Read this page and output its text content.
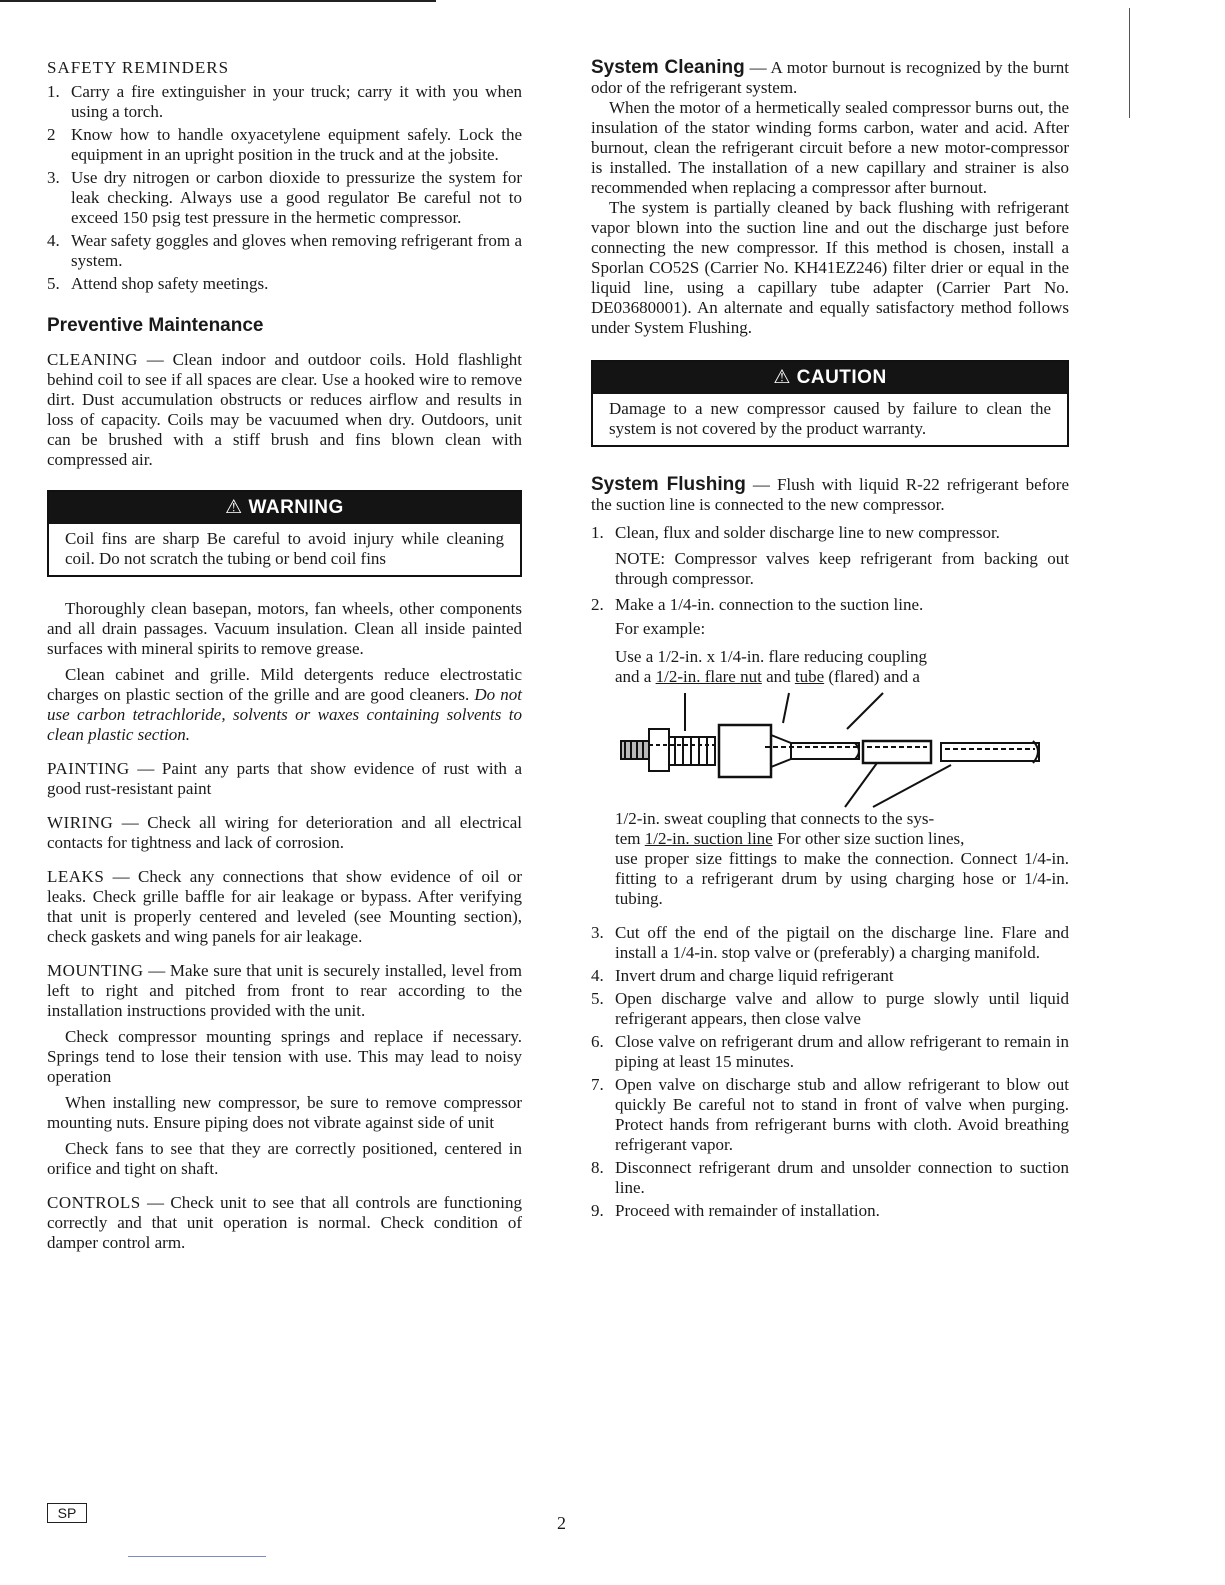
SAFETY REMINDERS
1. Carry a fire extinguisher in your truck; carry it with you when using a torch.
2 Know how to handle oxyacetylene equipment safely. Lock the equipment in an upright position in the truck and at the jobsite.
3. Use dry nitrogen or carbon dioxide to pressurize the system for leak checking. Always use a good regulator Be careful not to exceed 150 psig test pressure in the hermetic compressor.
4. Wear safety goggles and gloves when removing refrigerant from a system.
5. Attend shop safety meetings.
Preventive Maintenance

CLEANING — Clean indoor and outdoor coils. Hold flashlight behind coil to see if all spaces are clear. Use a hooked wire to remove dirt. Dust accumulation obstructs or reduces airflow and results in loss of capacity. Coils may be vacuumed when dry. Outdoors, unit can be brushed with a stiff brush and fins blown clean with compressed air.

⚠ WARNING

Coil fins are sharp Be careful to avoid injury while cleaning coil. Do not scratch the tubing or bend coil fins

Thoroughly clean basepan, motors, fan wheels, other components and all drain passages. Vacuum insulation. Clean all inside painted surfaces with mineral spirits to remove grease.

Clean cabinet and grille. Mild detergents reduce electrostatic charges on plastic section of the grille and are good cleaners. Do not use carbon tetrachloride, solvents or waxes containing solvents to clean plastic section.

PAINTING — Paint any parts that show evidence of rust with a good rust-resistant paint

WIRING — Check all wiring for deterioration and all electrical contacts for tightness and lack of corrosion.

LEAKS — Check any connections that show evidence of oil or leaks. Check grille baffle for air leakage or bypass. After verifying that unit is properly centered and leveled (see Mounting section), check gaskets and wing panels for air leakage.

MOUNTING — Make sure that unit is securely installed, level from left to right and pitched from front to rear according to the installation instructions provided with the unit.

Check compressor mounting springs and replace if necessary. Springs tend to lose their tension with use. This may lead to noisy operation

When installing new compressor, be sure to remove compressor mounting nuts. Ensure piping does not vibrate against side of unit

Check fans to see that they are correctly positioned, centered in orifice and tight on shaft.

CONTROLS — Check unit to see that all controls are functioning correctly and that unit operation is normal. Check condition of damper control arm.

System Cleaning — A motor burnout is recognized by the burnt odor of the refrigerant system.

When the motor of a hermetically sealed compressor burns out, the insulation of the stator winding forms carbon, water and acid. After burnout, clean the refrigerant circuit before a new motor-compressor is installed. The installation of a new capillary and strainer is also recommended when replacing a compressor after burnout.

The system is partially cleaned by back flushing with refrigerant vapor blown into the suction line and out the discharge just before connecting the new compressor. If this method is chosen, install a Sporlan CO52S (Carrier No. KH41EZ246) filter drier or equal in the liquid line, using a capillary tube adapter (Carrier Part No. DE03680001). An alternate and equally satisfactory method follows under System Flushing.

⚠ CAUTION

Damage to a new compressor caused by failure to clean the system is not covered by the product warranty.

System Flushing — Flush with liquid R-22 refrigerant before the suction line is connected to the new compressor.

1. Clean, flux and solder discharge line to new compressor.

NOTE: Compressor valves keep refrigerant from backing out through compressor.

2. Make a 1/4-in. connection to the suction line.

For example:

Use a 1/2-in. x 1/4-in. flare reducing coupling

and a 1/2-in. flare nut and tube (flared) and a

1/2-in. sweat coupling that connects to the sys-

tem 1/2-in. suction line For other size suction lines,

use proper size fittings to make the connection. Connect 1/4-in. fitting to a refrigerant drum by using charging hose or 1/4-in. tubing.

3. Cut off the end of the pigtail on the discharge line. Flare and install a 1/4-in. stop valve or (preferably) a charging manifold.
4. Invert drum and charge liquid refrigerant
5. Open discharge valve and allow to purge slowly until liquid refrigerant appears, then close valve
6. Close valve on refrigerant drum and allow refrigerant to remain in piping at least 15 minutes.
7. Open valve on discharge stub and allow refrigerant to blow out quickly Be careful not to stand in front of valve when purging. Protect hands from refrigerant burns with cloth. Avoid breathing refrigerant vapor.
8. Disconnect refrigerant drum and unsolder connection to suction line.
9. Proceed with remainder of installation.
SP	2
